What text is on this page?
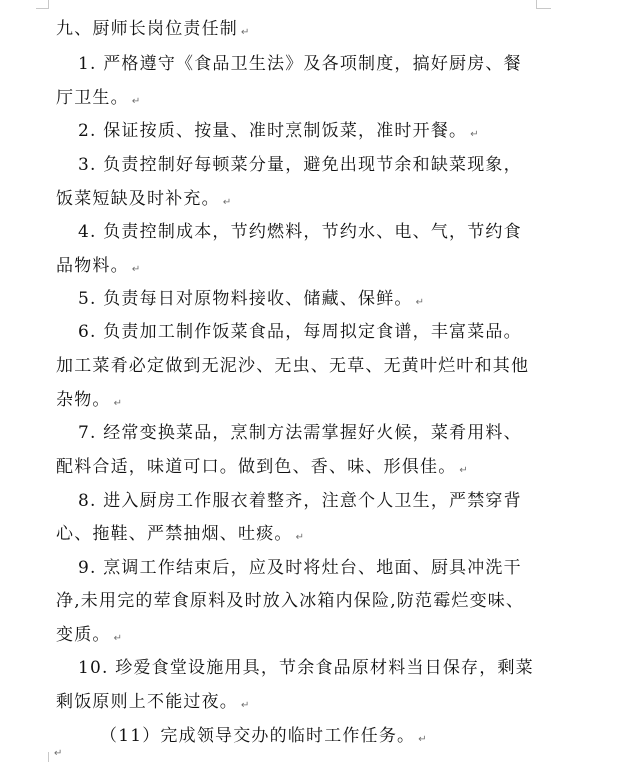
九、厨师长岗位责任制 ↵
1. 严格遵守《食品卫生法》及各项制度，搞好厨房、餐
厅卫生。 ↵
2. 保证按质、按量、准时烹制饭菜，准时开餐。 ↵
3. 负责控制好每顿菜分量，避免出现节余和缺菜现象，
饭菜短缺及时补充。 ↵
4. 负责控制成本，节约燃料，节约水、电、气，节约食
品物料。 ↵
5. 负责每日对原物料接收、储藏、保鲜。 ↵
6. 负责加工制作饭菜食品，每周拟定食谱，丰富菜品。
加工菜肴必定做到无泥沙、无虫、无草、无黄叶烂叶和其他
杂物。 ↵
7. 经常变换菜品，烹制方法需掌握好火候，菜肴用料、
配料合适，味道可口。做到色、香、味、形俱佳。 ↵
8. 进入厨房工作服衣着整齐，注意个人卫生，严禁穿背
心、拖鞋、严禁抽烟、吐痰。 ↵
9. 烹调工作结束后，应及时将灶台、地面、厨具冲洗干
净,未用完的荤食原料及时放入冰箱内保险,防范霉烂变味、
变质。 ↵
10. 珍爱食堂设施用具，节余食品原材料当日保存，剩菜
剩饭原则上不能过夜。 ↵
（11）完成领导交办的临时工作任务。 ↵
↵
